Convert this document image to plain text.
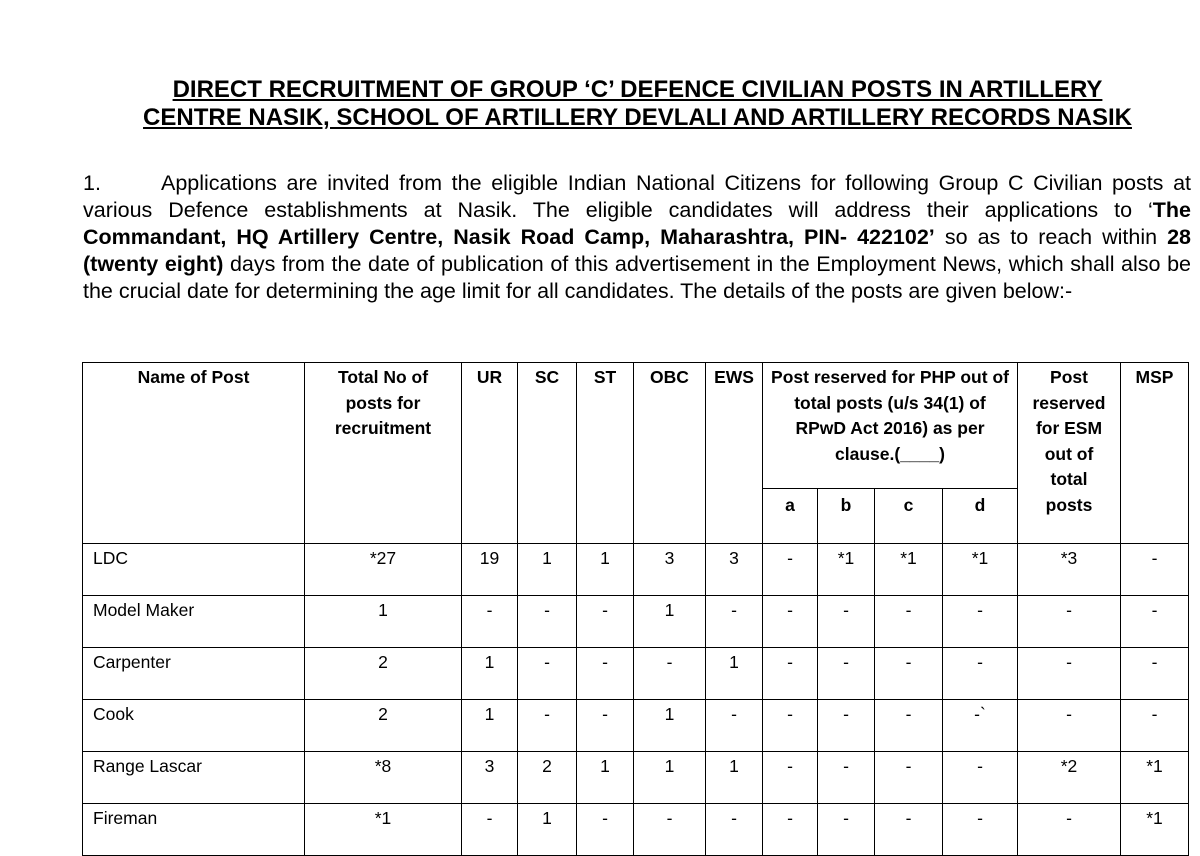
DIRECT RECRUITMENT OF GROUP ‘C’ DEFENCE CIVILIAN POSTS IN ARTILLERY
CENTRE NASIK, SCHOOL OF ARTILLERY DEVLALI AND ARTILLERY RECORDS NASIK
1.	Applications are invited from the eligible Indian National Citizens for following Group C Civilian posts at various Defence establishments at Nasik. The eligible candidates will address their applications to ‘The Commandant, HQ Artillery Centre, Nasik Road Camp, Maharashtra, PIN- 422102’ so as to reach within 28 (twenty eight) days from the date of publication of this advertisement in the Employment News, which shall also be the crucial date for determining the age limit for all candidates. The details of the posts are given below:-
Name of Post	Total No of posts for recruitment	UR	SC	ST	OBC	EWS	Post reserved for PHP out of total posts (u/s 34(1) of RPwD Act 2016) as per clause.(____)				Post reserved for ESM out of total posts	MSP
							a	b	c	d		
LDC	*27	19	1	1	3	3	-	*1	*1	*1	*3	-
Model Maker	1	-	-	-	1	-	-	-	-	-	-	-
Carpenter	2	1	-	-	-	1	-	-	-	-	-	-
Cook	2	1	-	-	1	-	-	-	-	-`	-	-
Range Lascar	*8	3	2	1	1	1	-	-	-	-	*2	*1
Fireman	*1	-	1	-	-	-	-	-	-	-	-	*1
